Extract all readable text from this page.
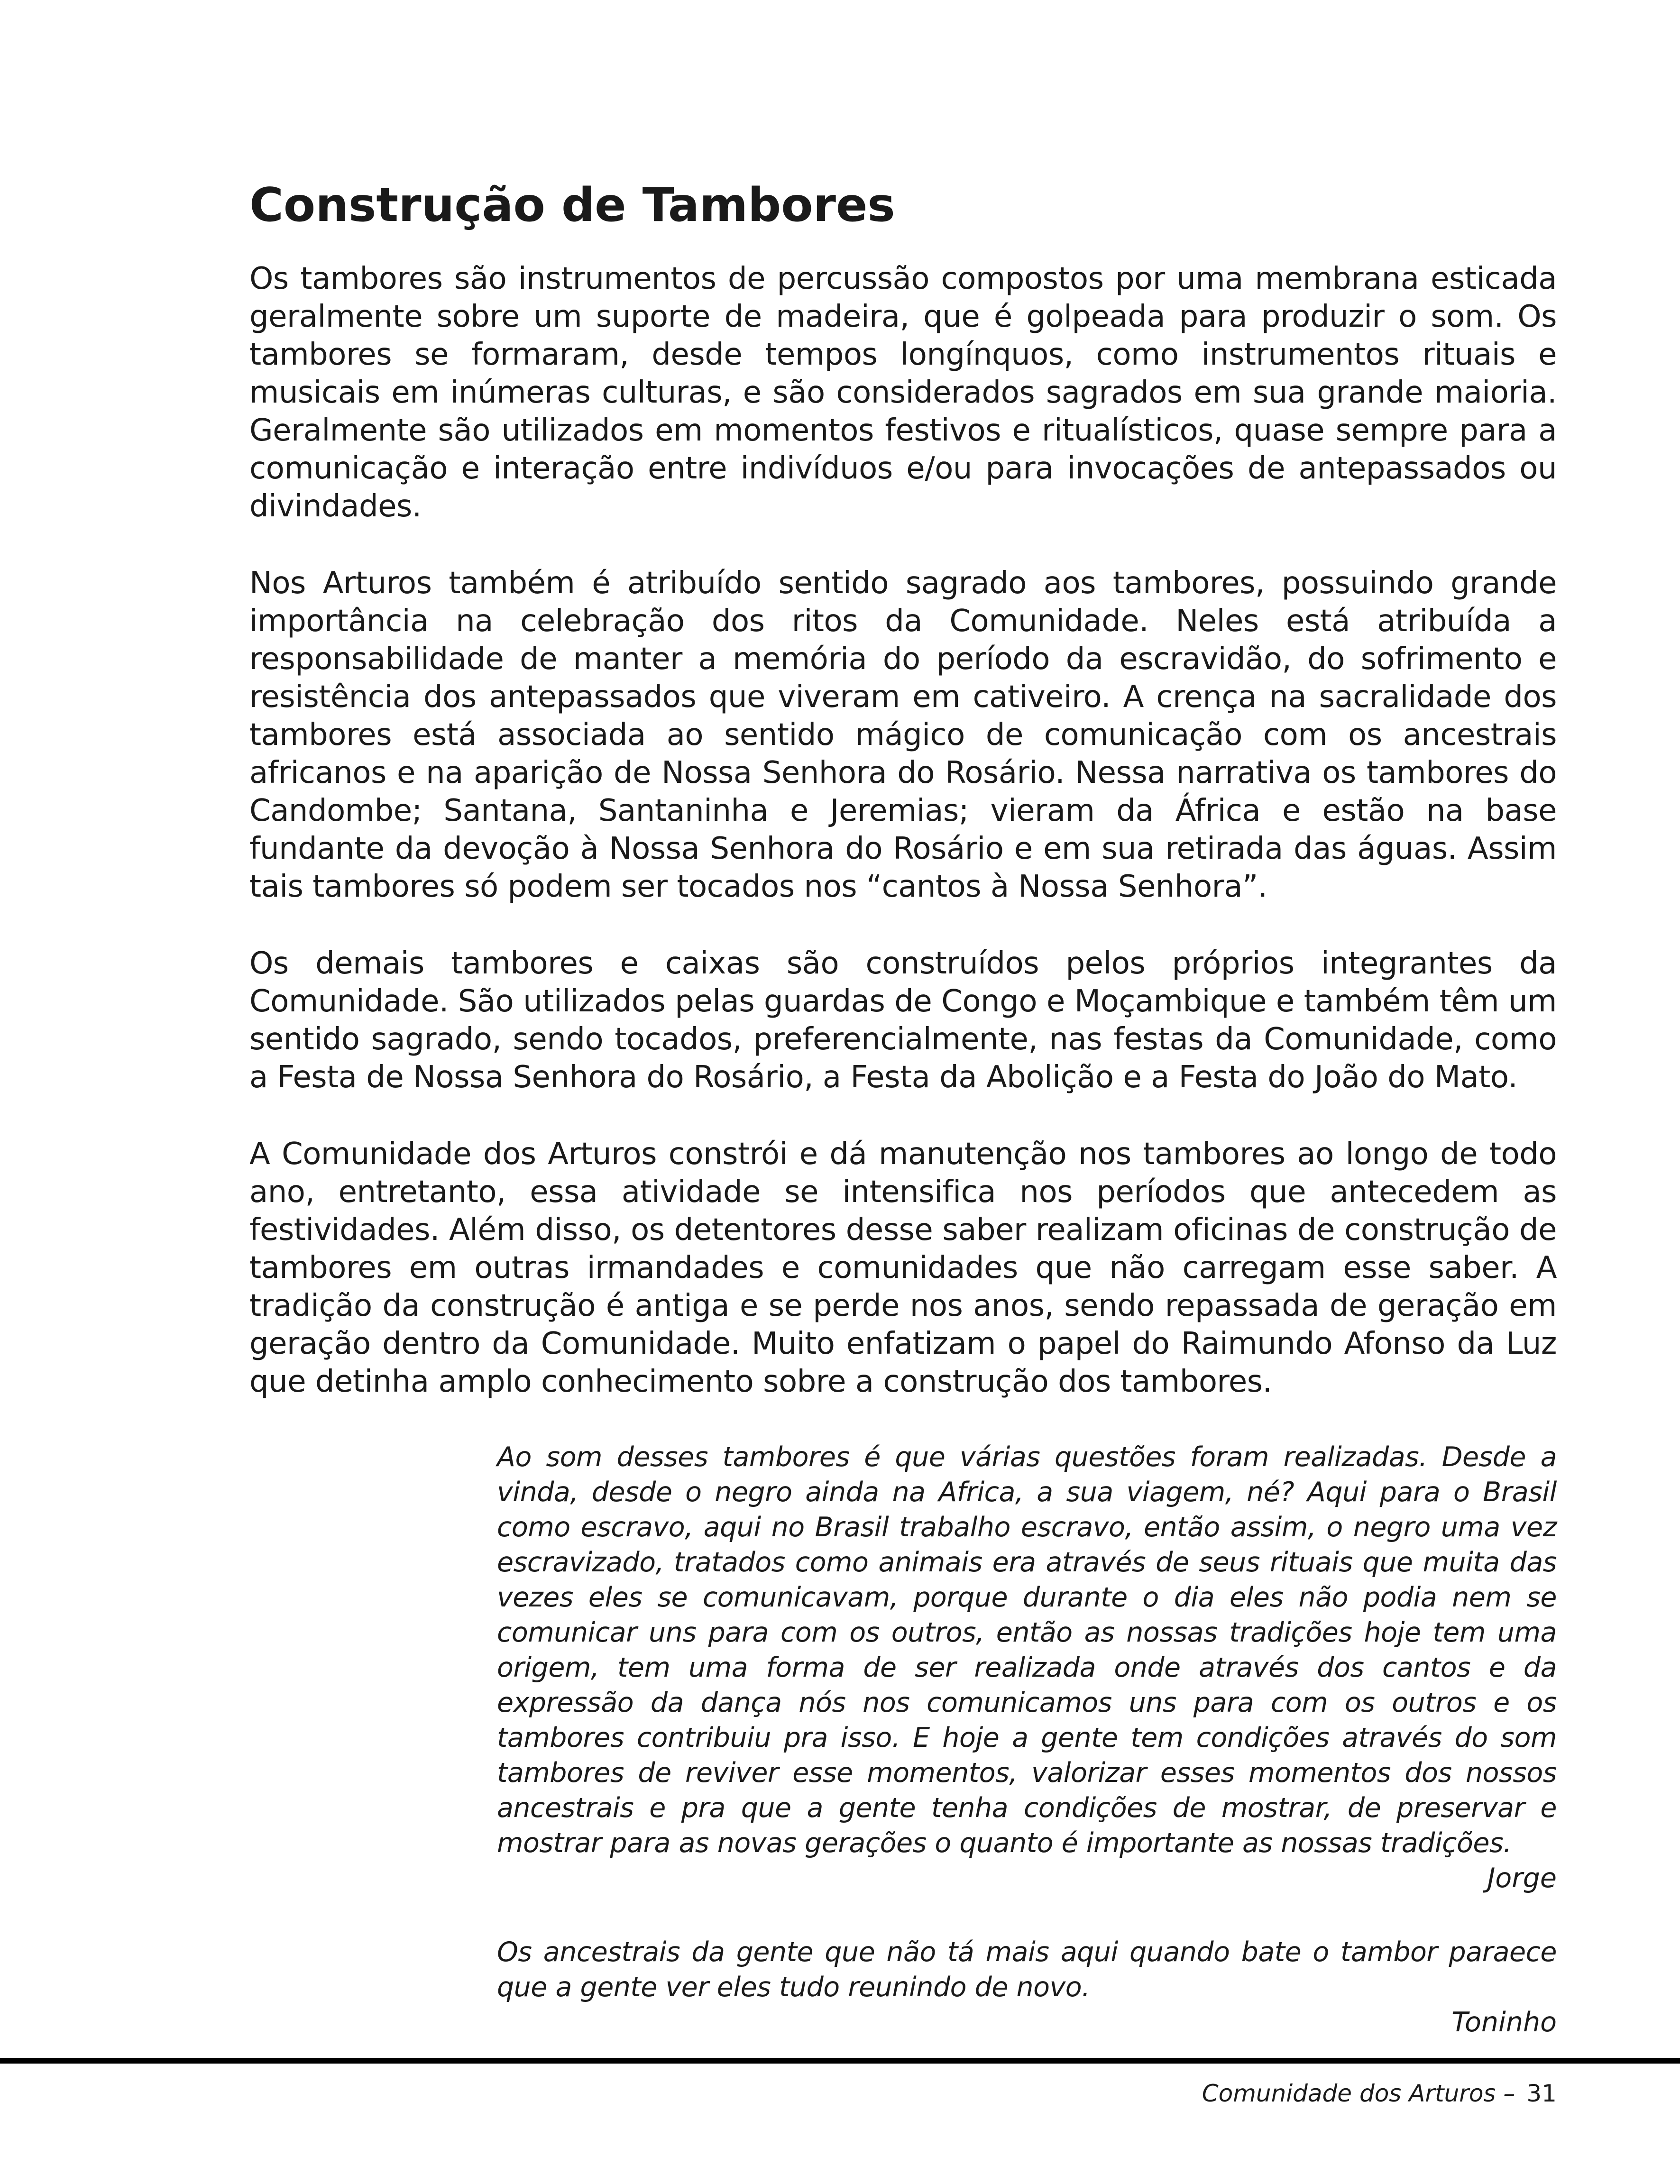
Construção de Tambores

Os tambores são instrumentos de percussão compostos por uma membrana esticada geralmente sobre um suporte de madeira, que é golpeada para produzir o som. Os tambores se formaram, desde tempos longínquos, como instrumentos rituais e musicais em inúmeras culturas, e são considerados sagrados em sua grande maioria. Geralmente são utilizados em momentos festivos e ritualísticos, quase sempre para a comunicação e interação entre indivíduos e/ou para invocações de antepassados ou divindades.

Nos Arturos também é atribuído sentido sagrado aos tambores, possuindo grande importância na celebração dos ritos da Comunidade. Neles está atribuída a responsabilidade de manter a memória do período da escravidão, do sofrimento e resistência dos antepassados que viveram em cativeiro. A crença na sacralidade dos tambores está associada ao sentido mágico de comunicação com os ancestrais africanos e na aparição de Nossa Senhora do Rosário. Nessa narrativa os tambores do Candombe; Santana, Santaninha e Jeremias; vieram da África e estão na base fundante da devoção à Nossa Senhora do Rosário e em sua retirada das águas. Assim tais tambores só podem ser tocados nos “cantos à Nossa Senhora”.

Os demais tambores e caixas são construídos pelos próprios integrantes da Comunidade. São utilizados pelas guardas de Congo e Moçambique e também têm um sentido sagrado, sendo tocados, preferencialmente, nas festas da Comunidade, como a Festa de Nossa Senhora do Rosário, a Festa da Abolição e a Festa do João do Mato.

A Comunidade dos Arturos constrói e dá manutenção nos tambores ao longo de todo ano, entretanto, essa atividade se intensifica nos períodos que antecedem as festividades. Além disso, os detentores desse saber realizam oficinas de construção de tambores em outras irmandades e comunidades que não carregam esse saber. A tradição da construção é antiga e se perde nos anos, sendo repassada de geração em geração dentro da Comunidade. Muito enfatizam o papel do Raimundo Afonso da Luz que detinha amplo conhecimento sobre a construção dos tambores.

Ao som desses tambores é que várias questões foram realizadas. Desde a vinda, desde o negro ainda na Africa, a sua viagem, né? Aqui para o Brasil como escravo, aqui no Brasil trabalho escravo, então assim, o negro uma vez escravizado, tratados como animais era através de seus rituais que muita das vezes eles se comunicavam, porque durante o dia eles não podia nem se comunicar uns para com os outros, então as nossas tradições hoje tem uma origem, tem uma forma de ser realizada onde através dos cantos e da expressão da dança nós nos comunicamos uns para com os outros e os tambores contribuiu pra isso. E hoje a gente tem condições através do som tambores de reviver esse momentos, valorizar esses momentos dos nossos ancestrais e pra que a gente tenha condições de mostrar, de preservar e mostrar para as novas gerações o quanto é importante as nossas tradições.

Jorge

Os ancestrais da gente que não tá mais aqui quando bate o tambor paraece que a gente ver eles tudo reunindo de novo.

Toninho

Comunidade dos Arturos – 31
